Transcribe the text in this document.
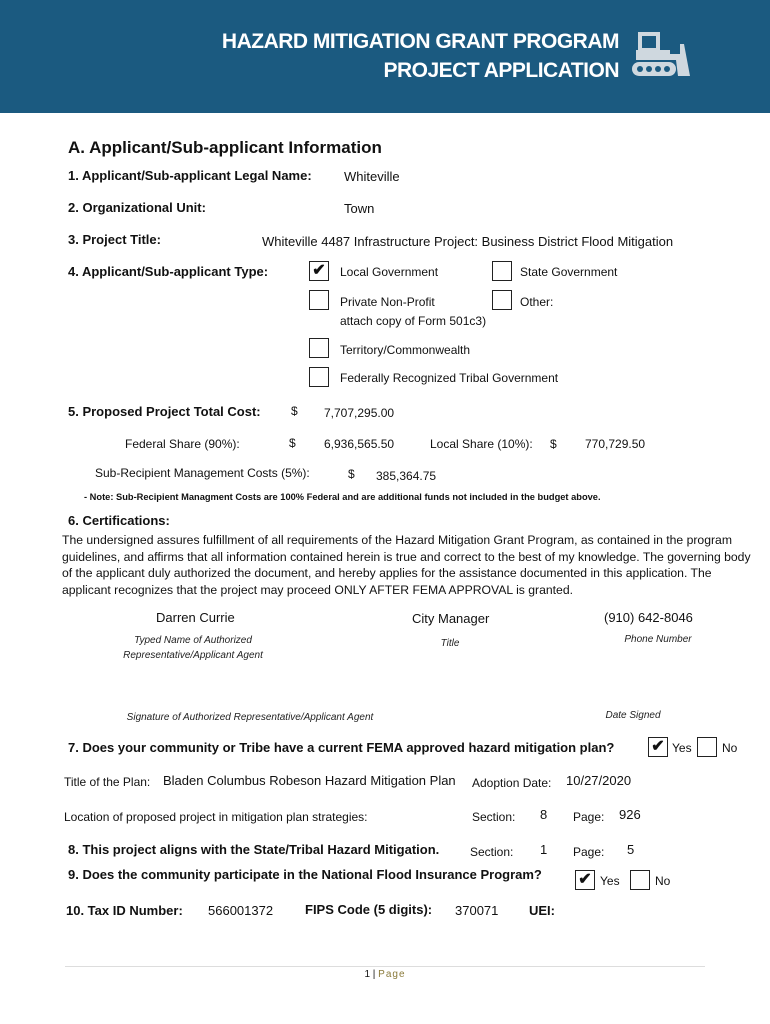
HAZARD MITIGATION GRANT PROGRAM
PROJECT APPLICATION
A. Applicant/Sub-applicant Information
1. Applicant/Sub-applicant Legal Name: Whiteville
2. Organizational Unit:	Town
3. Project Title:	Whiteville 4487 Infrastructure Project: Business District Flood Mitigation
4. Applicant/Sub-applicant Type:	✔ Local Government	State Government
Private Non-Profit
attach copy of Form 501c3)
Other:
Territory/Commonwealth
Federally Recognized Tribal Government
5. Proposed Project Total Cost:	$ 7,707,295.00
Federal Share (90%):	$ 6,936,565.50	Local Share (10%): $ 770,729.50
Sub-Recipient Management Costs (5%):	$ 385,364.75
- Note: Sub-Recipient Managment Costs are 100% Federal and are additional funds not included in the budget above.
6. Certifications:
The undersigned assures fulfillment of all requirements of the Hazard Mitigation Grant Program, as contained in the program guidelines, and affirms that all information contained herein is true and correct to the best of my knowledge. The governing body of the applicant duly authorized the document, and hereby applies for the assistance documented in this application. The applicant recognizes that the project may proceed ONLY AFTER FEMA APPROVAL is granted.
Darren Currie	City Manager	(910) 642-8046
Typed Name of Authorized
Representative/Applicant Agent
Title	Phone Number
Signature of Authorized Representative/Applicant Agent	Date Signed
7. Does your community or Tribe have a current FEMA approved hazard mitigation plan? ✔ Yes	No
Title of the Plan: Bladen Columbus Robeson Hazard Mitigation Plan Adoption Date: 10/27/2020
Location of proposed project in mitigation plan strategies:	Section: 8 Page: 926
8. This project aligns with the State/Tribal Hazard Mitigation.	Section: 1 Page: 5
9. Does the community participate in the National Flood Insurance Program? ✔ Yes	No
10. Tax ID Number: 566001372 FIPS Code (5 digits): 370071 UEI:
1 | Page
